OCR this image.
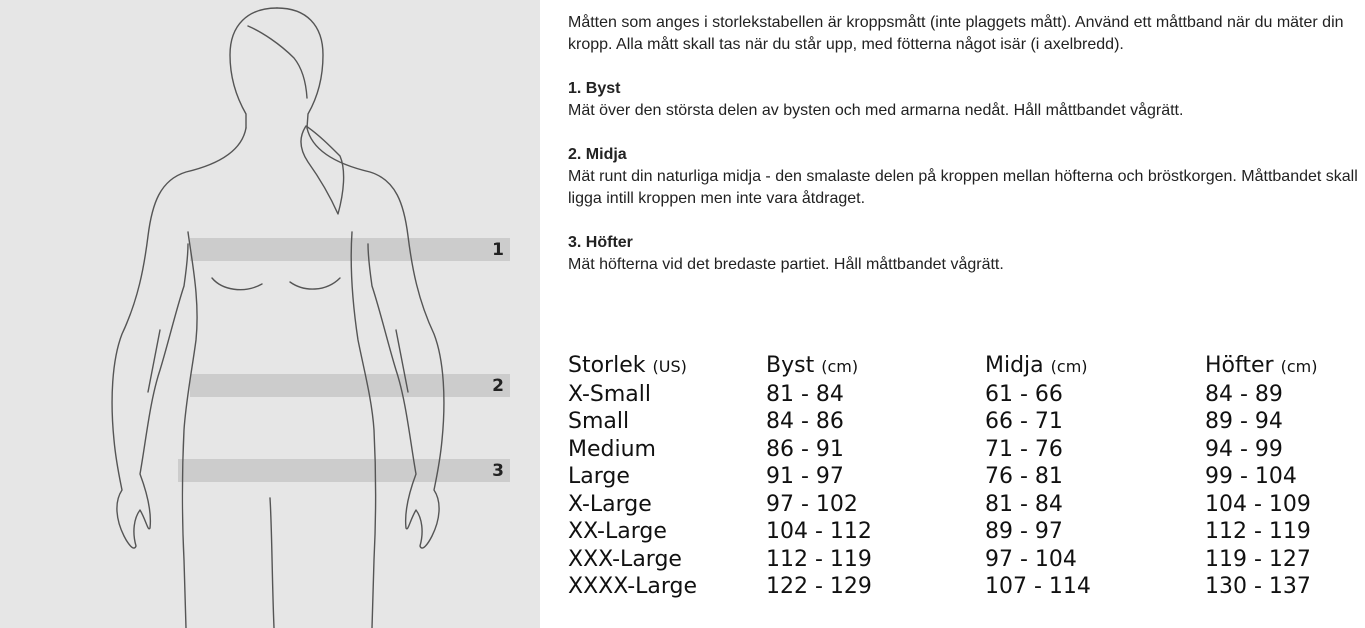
1
2
3

Måtten som anges i storlekstabellen är kroppsmått (inte plaggets mått). Använd ett måttband när du mäter din kropp. Alla mått skall tas när du står upp, med fötterna något isär (i axelbredd).

1. Byst

Mät över den största delen av bysten och med armarna nedåt. Håll måttbandet vågrätt.

2. Midja

Mät runt din naturliga midja - den smalaste delen på kroppen mellan höfterna och bröstkorgen. Måttbandet skall ligga intill kroppen men inte vara åtdraget.

3. Höfter

Mät höfterna vid det bredaste partiet. Håll måttbandet vågrätt.

Storlek (US)	Byst (cm)	Midja (cm)	Höfter (cm)
X-Small	81 - 84	61 - 66	84 - 89
Small	84 - 86	66 - 71	89 - 94
Medium	86 - 91	71 - 76	94 - 99
Large	91 - 97	76 - 81	99 - 104
X-Large	97 - 102	81 - 84	104 - 109
XX-Large	104 - 112	89 - 97	112 - 119
XXX-Large	112 - 119	97 - 104	119 - 127
XXXX-Large	122 - 129	107 - 114	130 - 137
